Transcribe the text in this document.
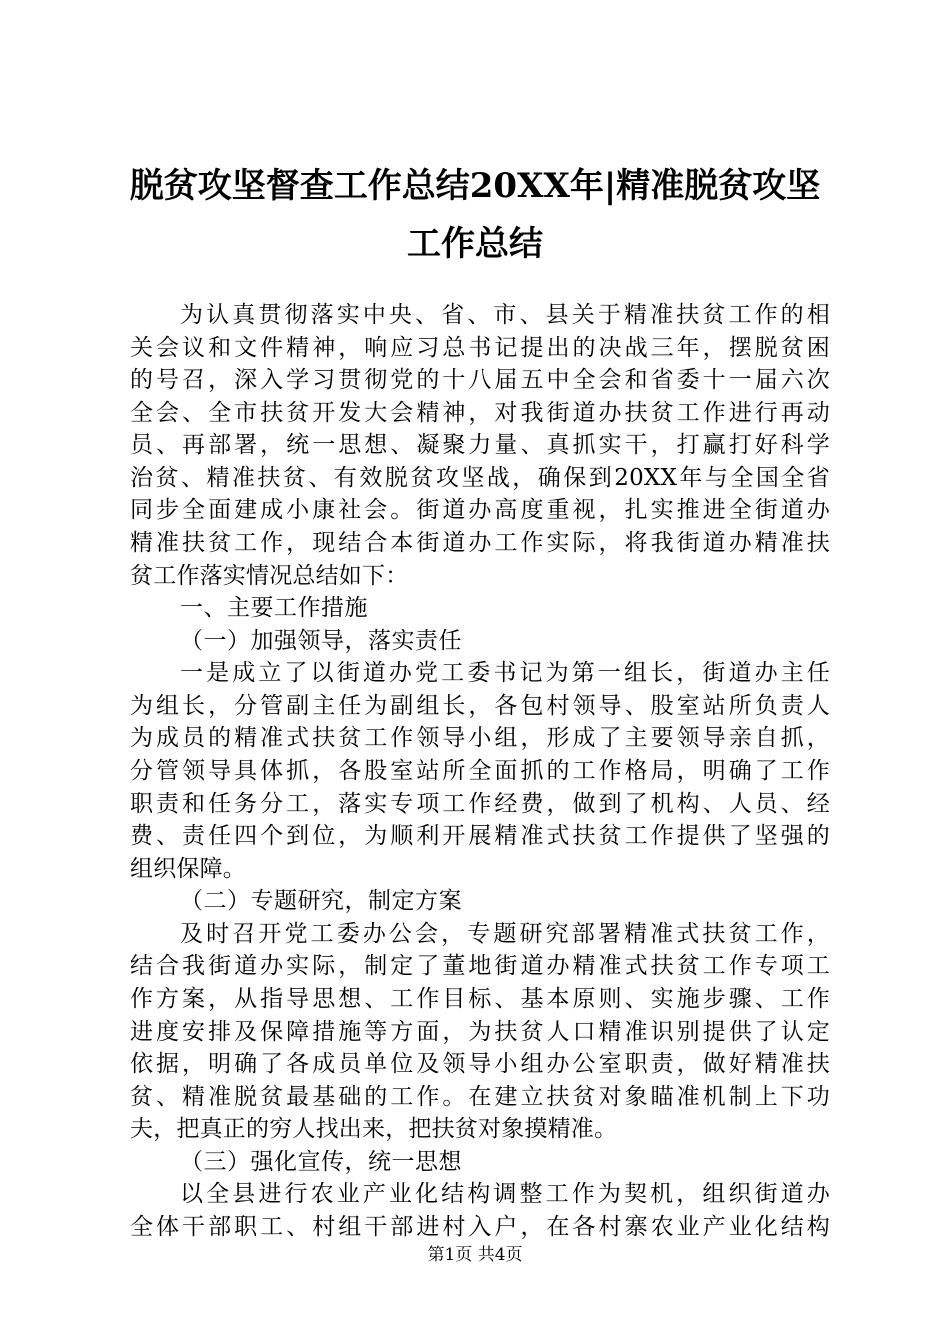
脱贫攻坚督查工作总结20XX年|精准脱贫攻坚
工作总结
为认真贯彻落实中央、省、市、县关于精准扶贫工作的相
关会议和文件精神，响应习总书记提出的决战三年，摆脱贫困
的号召，深入学习贯彻党的十八届五中全会和省委十一届六次
全会、全市扶贫开发大会精神，对我街道办扶贫工作进行再动
员、再部署，统一思想、凝聚力量、真抓实干，打赢打好科学
治贫、精准扶贫、有效脱贫攻坚战，确保到20XX年与全国全省
同步全面建成小康社会。街道办高度重视，扎实推进全街道办
精准扶贫工作，现结合本街道办工作实际，将我街道办精准扶
贫工作落实情况总结如下：
一、主要工作措施
（一）加强领导，落实责任
一是成立了以街道办党工委书记为第一组长，街道办主任
为组长，分管副主任为副组长，各包村领导、股室站所负责人
为成员的精准式扶贫工作领导小组，形成了主要领导亲自抓，
分管领导具体抓，各股室站所全面抓的工作格局，明确了工作
职责和任务分工，落实专项工作经费，做到了机构、人员、经
费、责任四个到位，为顺利开展精准式扶贫工作提供了坚强的
组织保障。
（二）专题研究，制定方案
及时召开党工委办公会，专题研究部署精准式扶贫工作，
结合我街道办实际，制定了董地街道办精准式扶贫工作专项工
作方案，从指导思想、工作目标、基本原则、实施步骤、工作
进度安排及保障措施等方面，为扶贫人口精准识别提供了认定
依据，明确了各成员单位及领导小组办公室职责，做好精准扶
贫、精准脱贫最基础的工作。在建立扶贫对象瞄准机制上下功
夫，把真正的穷人找出来，把扶贫对象摸精准。
（三）强化宣传，统一思想
以全县进行农业产业化结构调整工作为契机，组织街道办
全体干部职工、村组干部进村入户，在各村寨农业产业化结构
第1页 共4页
